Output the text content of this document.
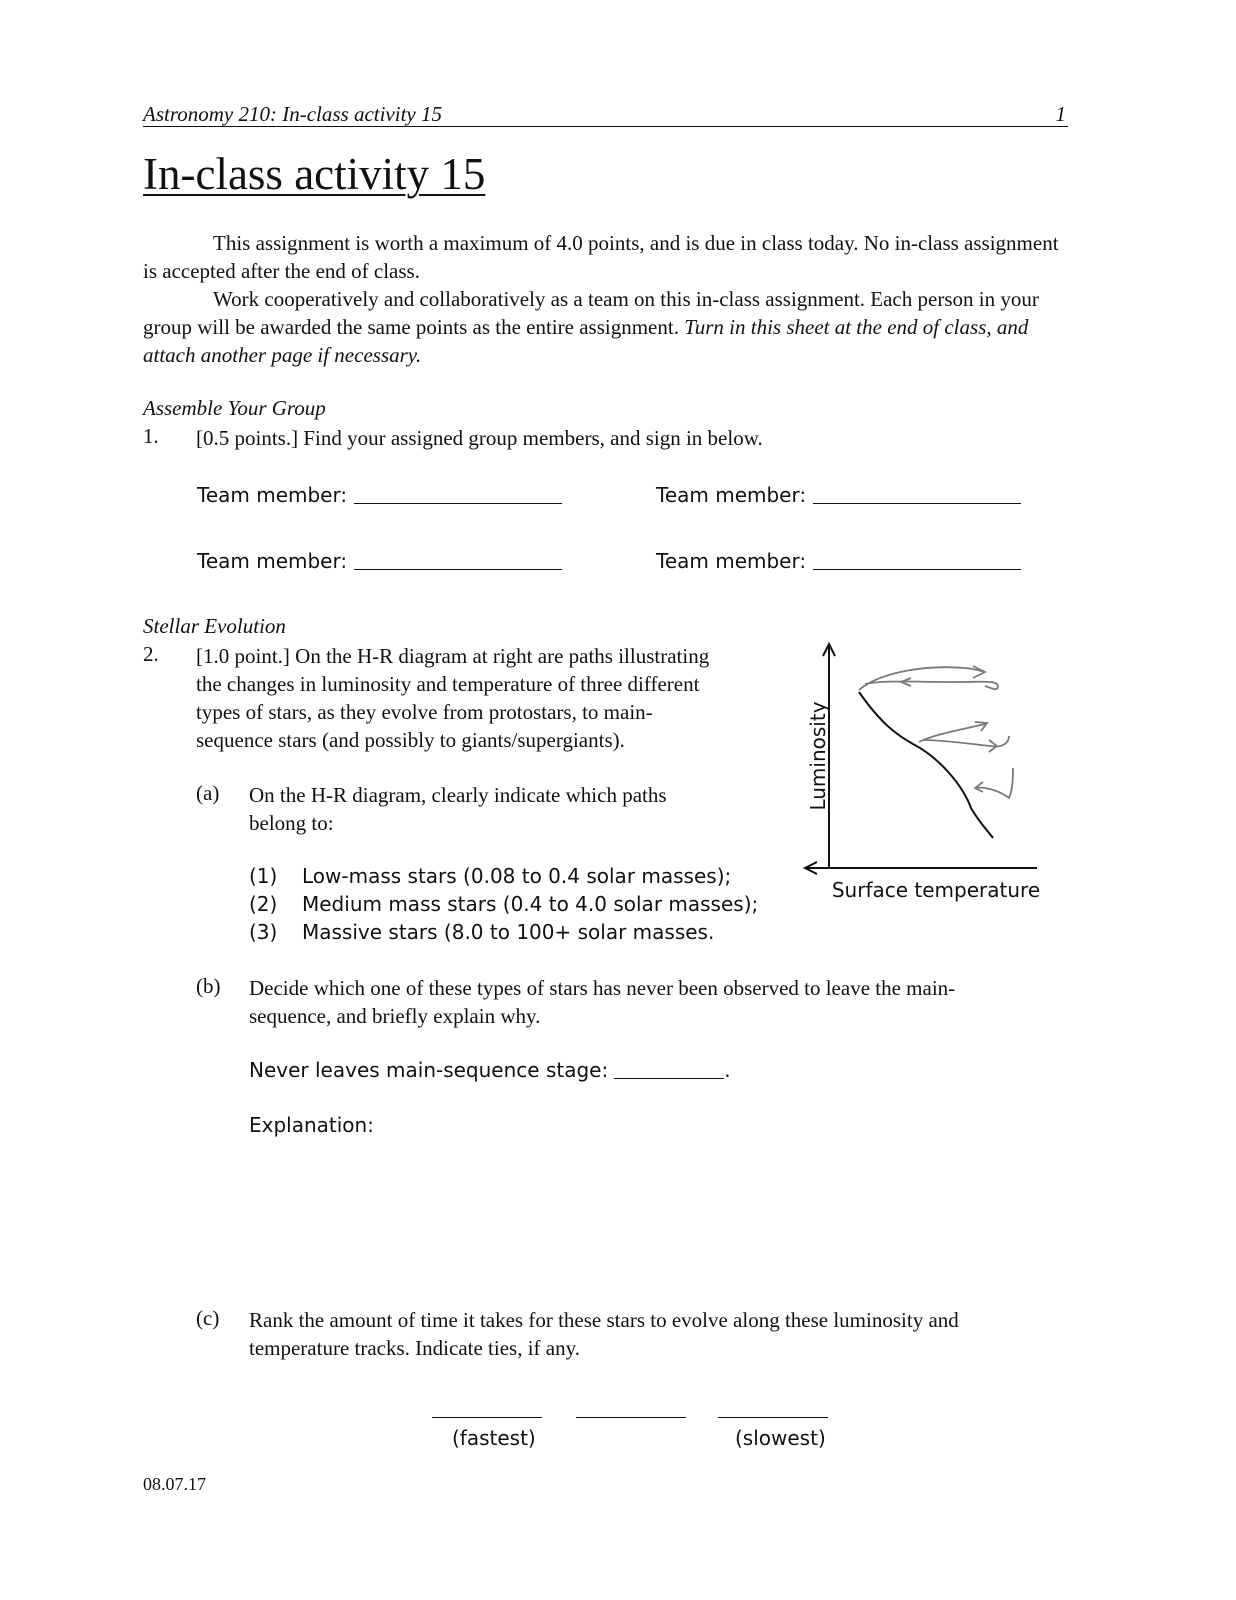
Astronomy 210: In-class activity 15	1
In-class activity 15
This assignment is worth a maximum of 4.0 points, and is due in class today. No in-class assignment is accepted after the end of class.
Work cooperatively and collaboratively as a team on this in-class assignment. Each person in your group will be awarded the same points as the entire assignment. Turn in this sheet at the end of class, and attach another page if necessary.
Assemble Your Group
1. [0.5 points.] Find your assigned group members, and sign in below.
Team member:	Team member:
Team member:	Team member:
Stellar Evolution
2. [1.0 point.] On the H-R diagram at right are paths illustrating
the changes in luminosity and temperature of three different
types of stars, as they evolve from protostars, to main-
sequence stars (and possibly to giants/supergiants).
(a) On the H-R diagram, clearly indicate which paths
belong to:
(1) Low-mass stars (0.08 to 0.4 solar masses);
(2) Medium mass stars (0.4 to 4.0 solar masses);
(3) Massive stars (8.0 to 100+ solar masses.
Luminosity
Surface temperature
(b) Decide which one of these types of stars has never been observed to leave the main-
sequence, and briefly explain why.
Never leaves main-sequence stage:	.
Explanation:
(c) Rank the amount of time it takes for these stars to evolve along these luminosity and
temperature tracks. Indicate ties, if any.
(fastest)	(slowest)
08.07.17
